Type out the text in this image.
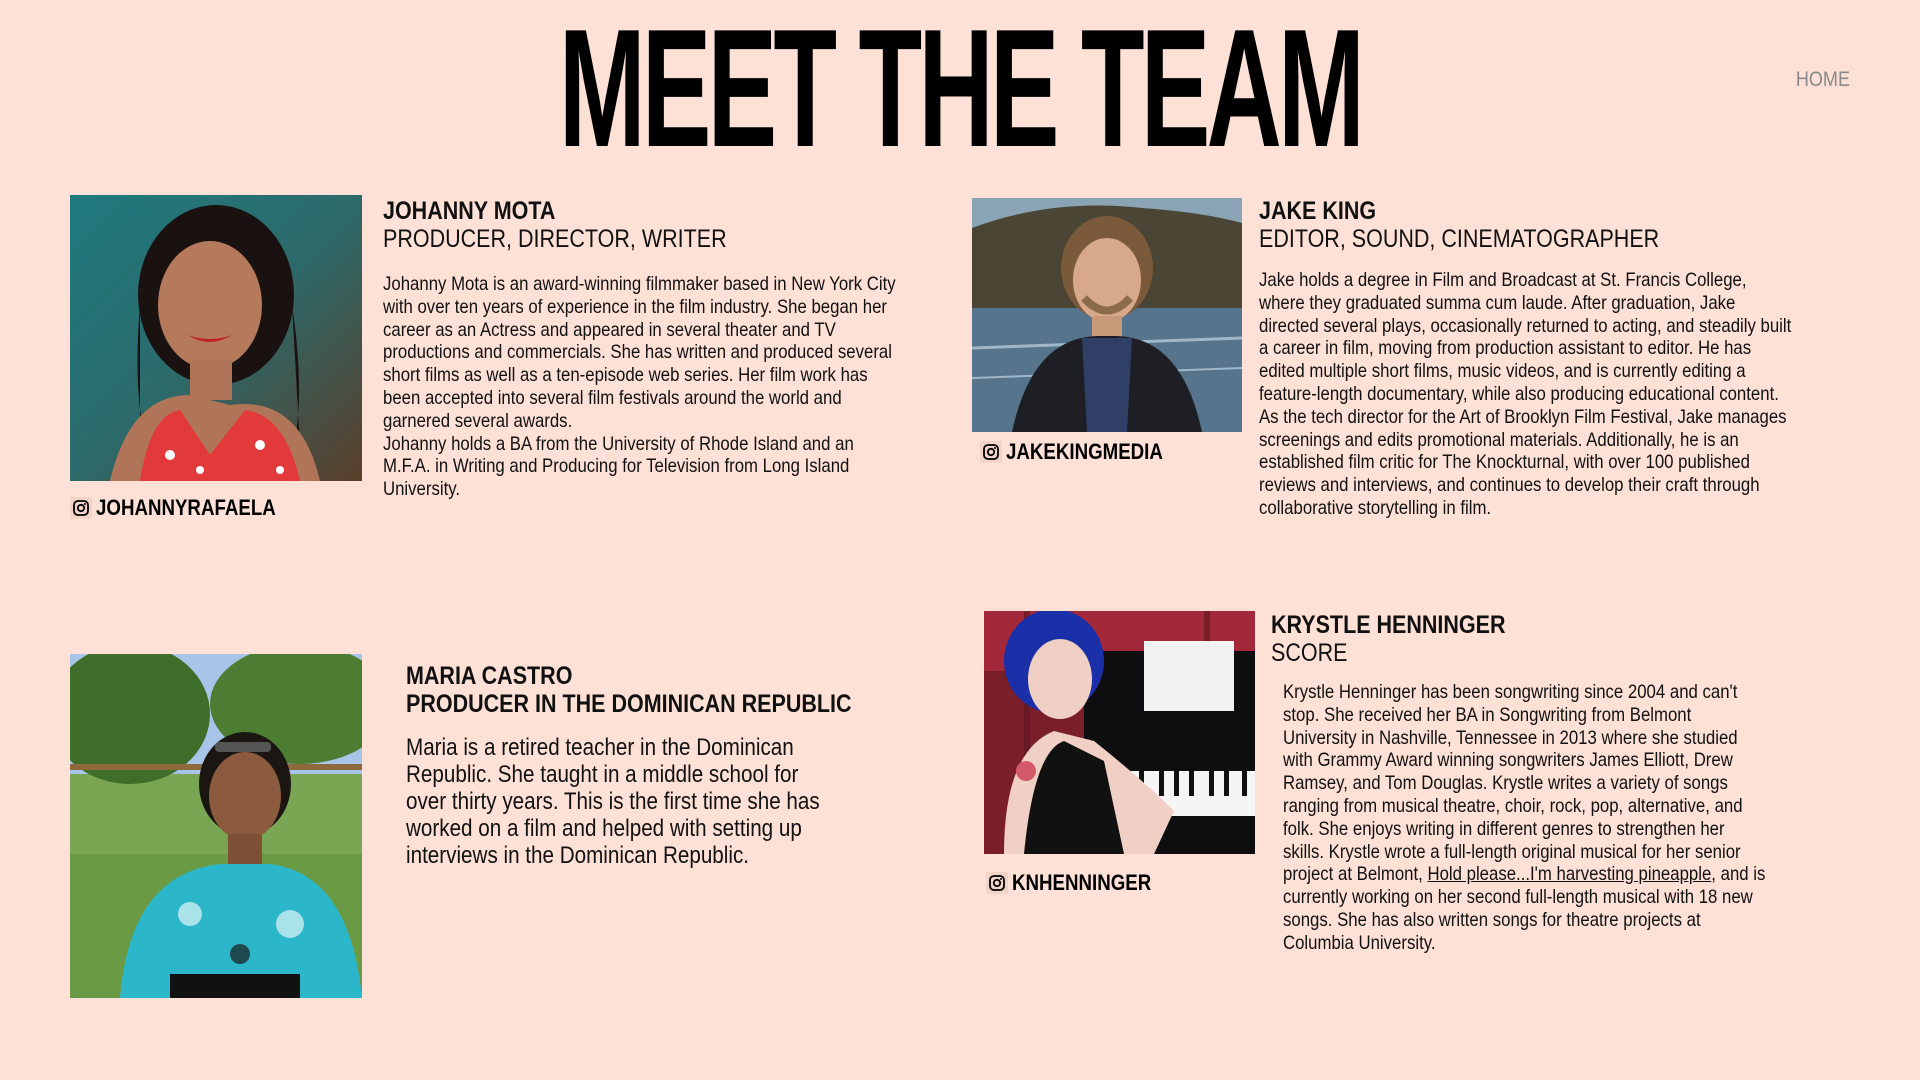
MEET THE TEAM	HOME
JOHANNYRAFAELA
JOHANNY MOTA
PRODUCER, DIRECTOR, WRITER
Johanny Mota is an award-winning filmmaker based in New York City with over ten years of experience in the film industry. She began her career as an Actress and appeared in several theater and TV productions and commercials. She has written and produced several short films as well as a ten-episode web series. Her film work has been accepted into several film festivals around the world and garnered several awards.
Johanny holds a BA from the University of Rhode Island and an M.F.A. in Writing and Producing for Television from Long Island University.
JAKEKINGMEDIA
JAKE KING
EDITOR, SOUND, CINEMATOGRAPHER
Jake holds a degree in Film and Broadcast at St. Francis College, where they graduated summa cum laude. After graduation, Jake directed several plays, occasionally returned to acting, and steadily built a career in film, moving from production assistant to editor. He has edited multiple short films, music videos, and is currently editing a feature-length documentary, while also producing educational content. As the tech director for the Art of Brooklyn Film Festival, Jake manages screenings and edits promotional materials. Additionally, he is an established film critic for The Knockturnal, with over 100 published reviews and interviews, and continues to develop their craft through collaborative storytelling in film.
MARIA CASTRO
PRODUCER IN THE DOMINICAN REPUBLIC
Maria is a retired teacher in the Dominican Republic. She taught in a middle school for over thirty years. This is the first time she has worked on a film and helped with setting up interviews in the Dominican Republic.
KNHENNINGER
KRYSTLE HENNINGER
SCORE
Krystle Henninger has been songwriting since 2004 and can't stop. She received her BA in Songwriting from Belmont University in Nashville, Tennessee in 2013 where she studied with Grammy Award winning songwriters James Elliott, Drew Ramsey, and Tom Douglas. Krystle writes a variety of songs ranging from musical theatre, choir, rock, pop, alternative, and folk. She enjoys writing in different genres to strengthen her skills. Krystle wrote a full-length original musical for her senior project at Belmont, Hold please...I'm harvesting pineapple, and is currently working on her second full-length musical with 18 new songs. She has also written songs for theatre projects at Columbia University.
